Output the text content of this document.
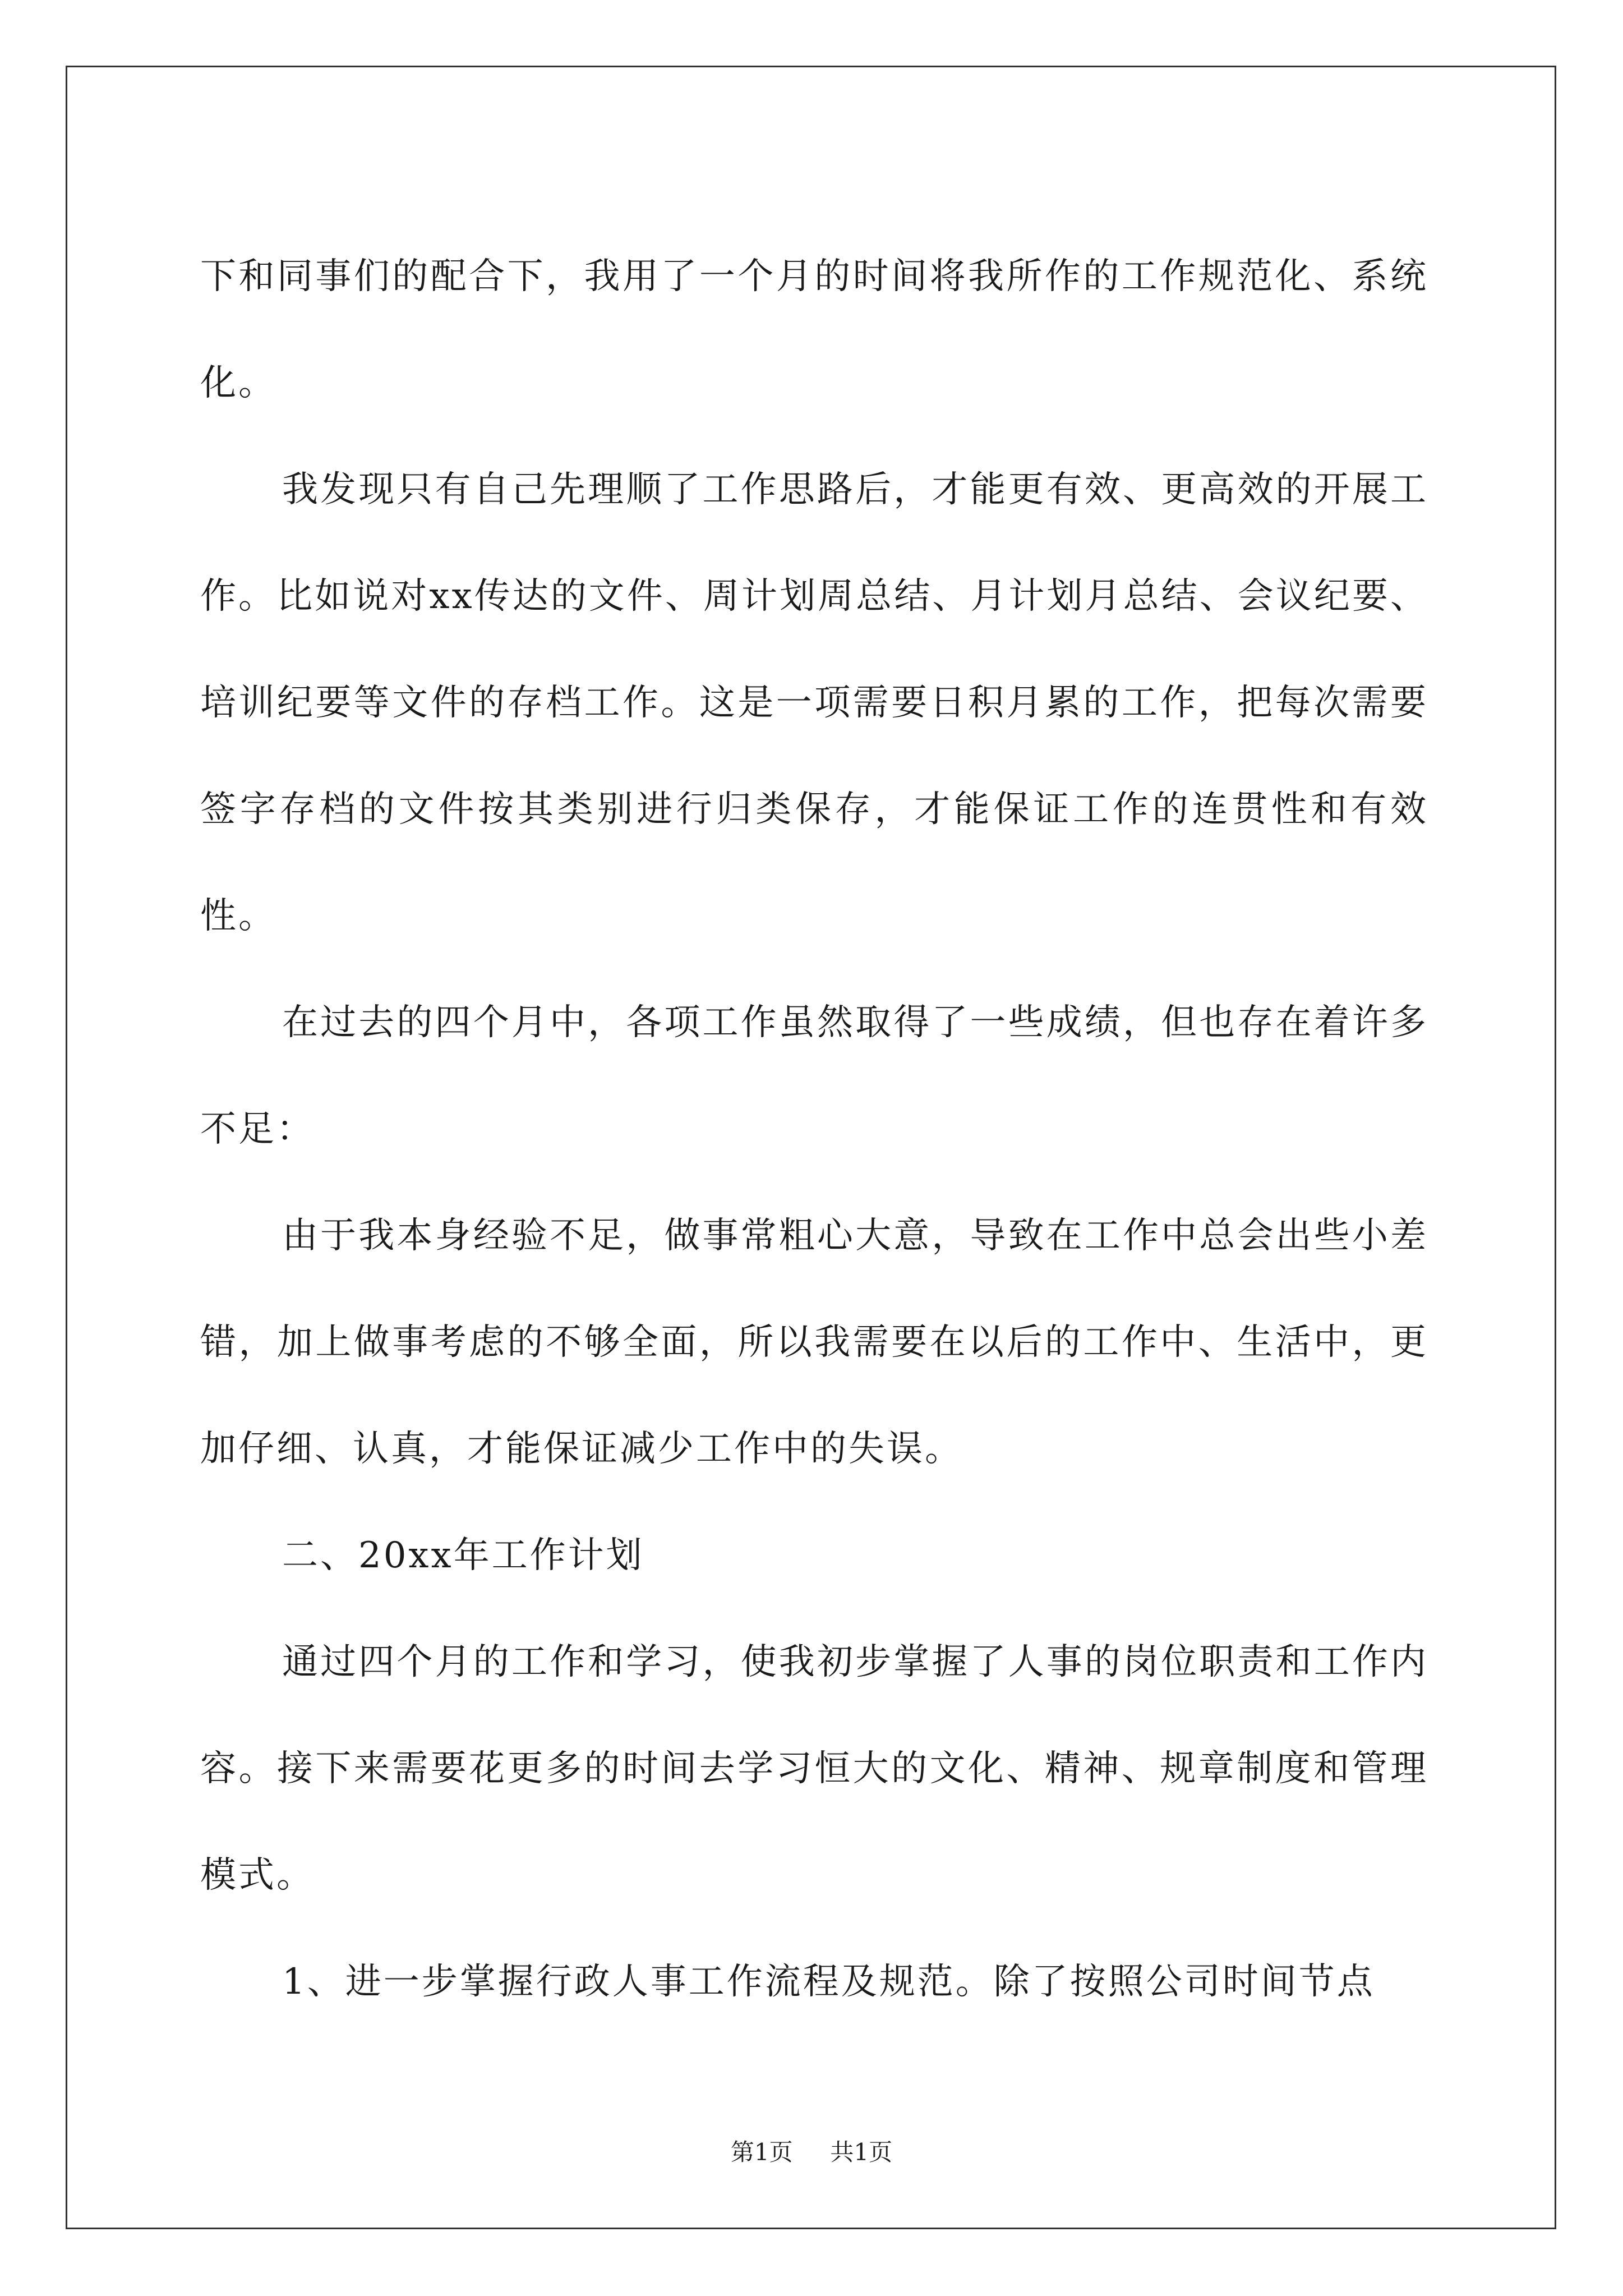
下和同事们的配合下，我用了一个月的时间将我所作的工作规范化、系统化。

我发现只有自己先理顺了工作思路后，才能更有效、更高效的开展工作。比如说对xx传达的文件、周计划周总结、月计划月总结、会议纪要、培训纪要等文件的存档工作。这是一项需要日积月累的工作，把每次需要签字存档的文件按其类别进行归类保存，才能保证工作的连贯性和有效性。

在过去的四个月中，各项工作虽然取得了一些成绩，但也存在着许多不足：

由于我本身经验不足，做事常粗心大意，导致在工作中总会出些小差错，加上做事考虑的不够全面，所以我需要在以后的工作中、生活中，更加仔细、认真，才能保证减少工作中的失误。

二、20xx年工作计划

通过四个月的工作和学习，使我初步掌握了人事的岗位职责和工作内容。接下来需要花更多的时间去学习恒大的文化、精神、规章制度和管理模式。

1、进一步掌握行政人事工作流程及规范。除了按照公司时间节点

第1页 共1页
